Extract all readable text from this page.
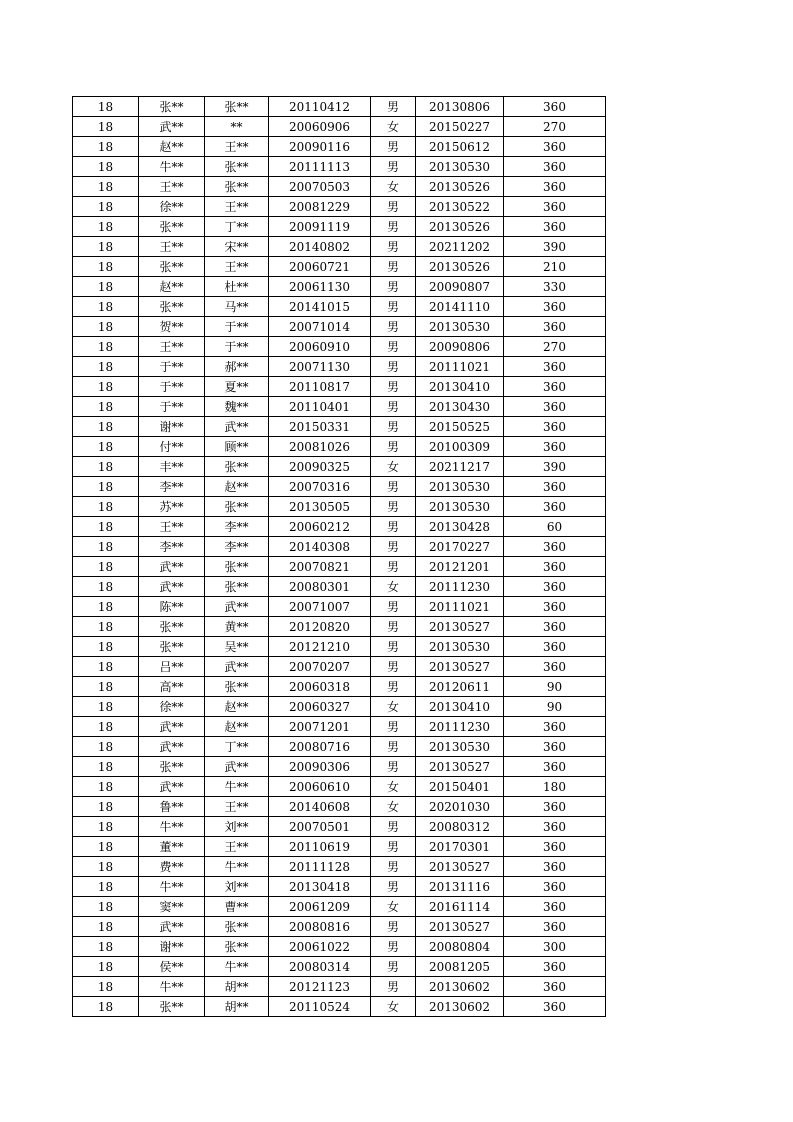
18	张**	张**	20110412	男	20130806	360
18	武**	**	20060906	女	20150227	270
18	赵**	王**	20090116	男	20150612	360
18	牛**	张**	20111113	男	20130530	360
18	王**	张**	20070503	女	20130526	360
18	徐**	王**	20081229	男	20130522	360
18	张**	丁**	20091119	男	20130526	360
18	王**	宋**	20140802	男	20211202	390
18	张**	王**	20060721	男	20130526	210
18	赵**	杜**	20061130	男	20090807	330
18	张**	马**	20141015	男	20141110	360
18	贺**	于**	20071014	男	20130530	360
18	王**	于**	20060910	男	20090806	270
18	于**	郝**	20071130	男	20111021	360
18	于**	夏**	20110817	男	20130410	360
18	于**	魏**	20110401	男	20130430	360
18	谢**	武**	20150331	男	20150525	360
18	付**	顾**	20081026	男	20100309	360
18	丰**	张**	20090325	女	20211217	390
18	李**	赵**	20070316	男	20130530	360
18	苏**	张**	20130505	男	20130530	360
18	王**	李**	20060212	男	20130428	60
18	李**	李**	20140308	男	20170227	360
18	武**	张**	20070821	男	20121201	360
18	武**	张**	20080301	女	20111230	360
18	陈**	武**	20071007	男	20111021	360
18	张**	黄**	20120820	男	20130527	360
18	张**	吴**	20121210	男	20130530	360
18	吕**	武**	20070207	男	20130527	360
18	高**	张**	20060318	男	20120611	90
18	徐**	赵**	20060327	女	20130410	90
18	武**	赵**	20071201	男	20111230	360
18	武**	丁**	20080716	男	20130530	360
18	张**	武**	20090306	男	20130527	360
18	武**	牛**	20060610	女	20150401	180
18	鲁**	王**	20140608	女	20201030	360
18	牛**	刘**	20070501	男	20080312	360
18	董**	王**	20110619	男	20170301	360
18	费**	牛**	20111128	男	20130527	360
18	牛**	刘**	20130418	男	20131116	360
18	窦**	曹**	20061209	女	20161114	360
18	武**	张**	20080816	男	20130527	360
18	谢**	张**	20061022	男	20080804	300
18	侯**	牛**	20080314	男	20081205	360
18	牛**	胡**	20121123	男	20130602	360
18	张**	胡**	20110524	女	20130602	360
